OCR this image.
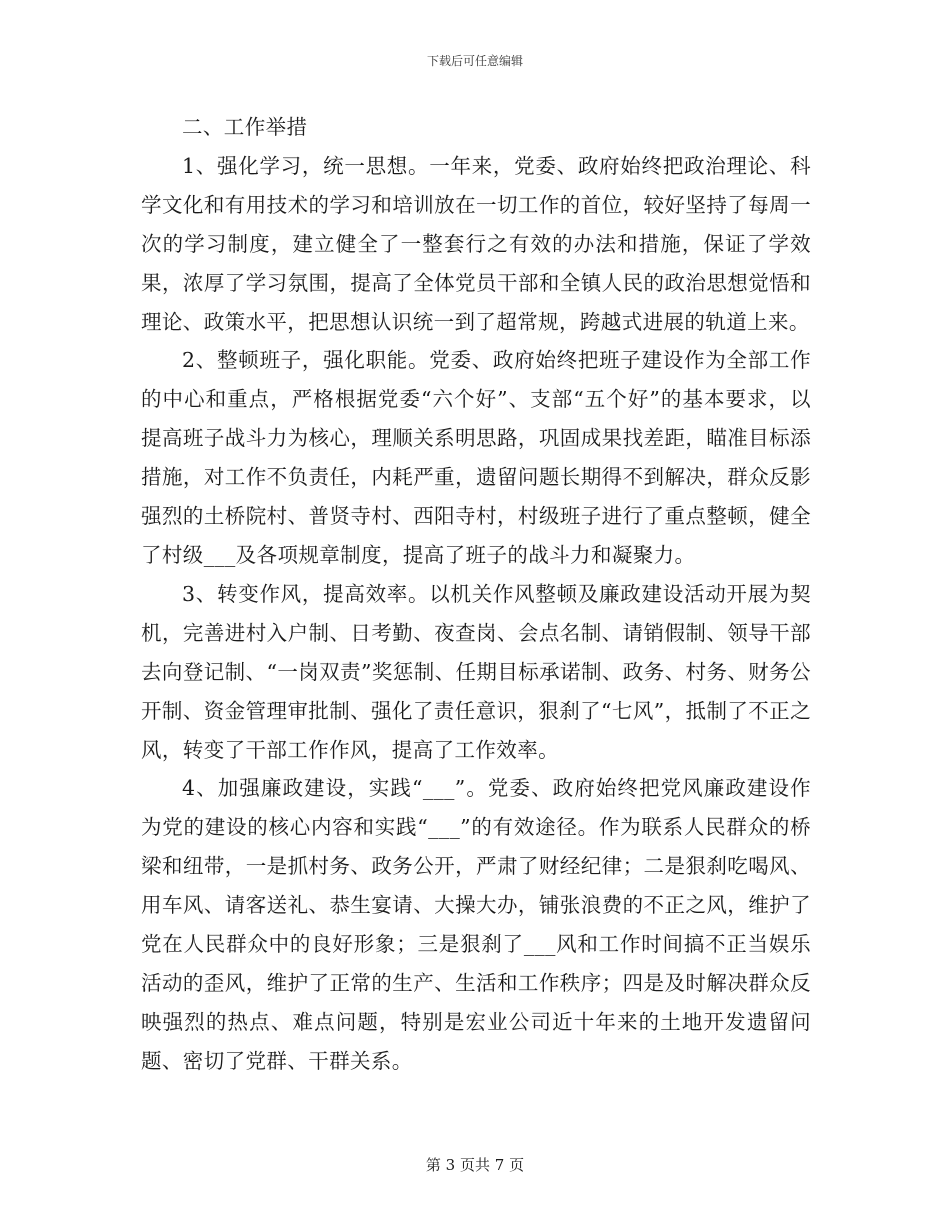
下载后可任意编辑

二、工作举措

1、强化学习，统一思想。一年来，党委、政府始终把政治理论、科学文化和有用技术的学习和培训放在一切工作的首位，较好坚持了每周一次的学习制度，建立健全了一整套行之有效的办法和措施，保证了学效果，浓厚了学习氛围，提高了全体党员干部和全镇人民的政治思想觉悟和理论、政策水平，把思想认识统一到了超常规，跨越式进展的轨道上来。

2、整顿班子，强化职能。党委、政府始终把班子建设作为全部工作的中心和重点，严格根据党委“六个好”、支部“五个好”的基本要求，以提高班子战斗力为核心，理顺关系明思路，巩固成果找差距，瞄准目标添措施，对工作不负责任，内耗严重，遗留问题长期得不到解决，群众反影强烈的土桥院村、普贤寺村、西阳寺村，村级班子进行了重点整顿，健全了村级___及各项规章制度，提高了班子的战斗力和凝聚力。

3、转变作风，提高效率。以机关作风整顿及廉政建设活动开展为契机，完善进村入户制、日考勤、夜查岗、会点名制、请销假制、领导干部去向登记制、“一岗双责”奖惩制、任期目标承诺制、政务、村务、财务公开制、资金管理审批制、强化了责任意识，狠刹了“七风”，抵制了不正之风，转变了干部工作作风，提高了工作效率。

4、加强廉政建设，实践“___”。党委、政府始终把党风廉政建设作为党的建设的核心内容和实践“___”的有效途径。作为联系人民群众的桥梁和纽带，一是抓村务、政务公开，严肃了财经纪律；二是狠刹吃喝风、用车风、请客送礼、恭生宴请、大操大办，铺张浪费的不正之风，维护了党在人民群众中的良好形象；三是狠刹了___风和工作时间搞不正当娱乐活动的歪风，维护了正常的生产、生活和工作秩序；四是及时解决群众反映强烈的热点、难点问题，特别是宏业公司近十年来的土地开发遗留问题、密切了党群、干群关系。

第 3 页共 7 页
